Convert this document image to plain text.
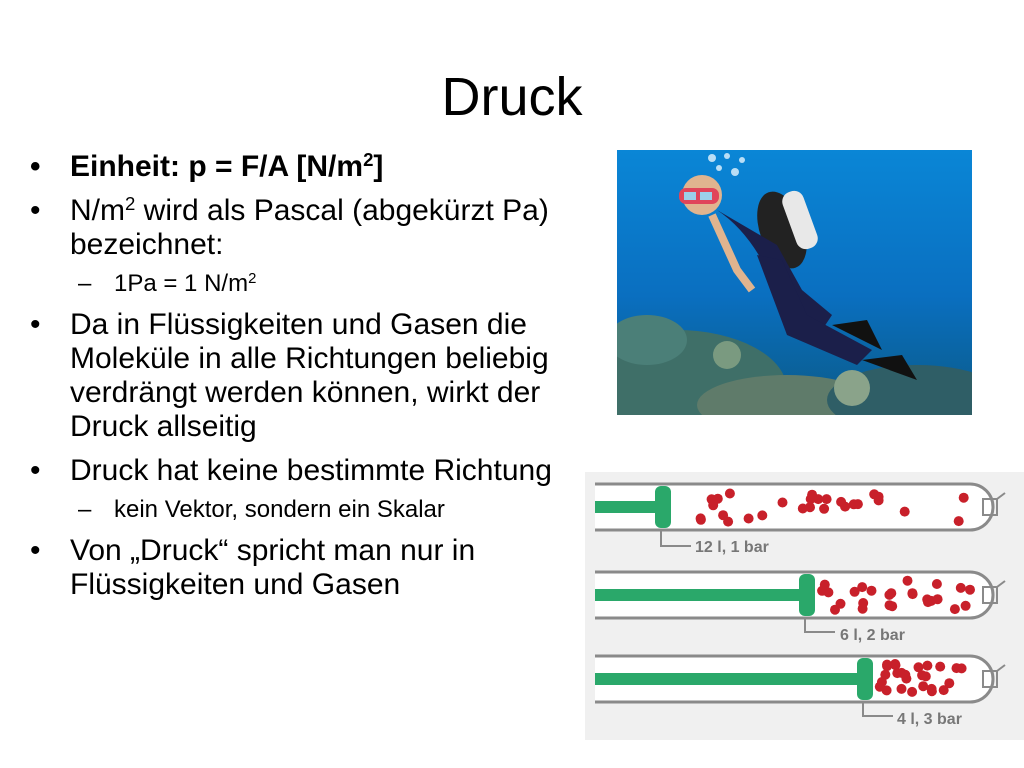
Druck
• Einheit: p = F/A $[N/m^2]$
• $N/m^2$ wird als Pascal (abgekürzt Pa) bezeichnet:
– 1Pa = 1 $N/m^2$
• Da in Flüssigkeiten und Gasen die Moleküle in alle Richtungen beliebig verdrängt werden können, wirkt der Druck allseitig
• Druck hat keine bestimmte Richtung
– kein Vektor, sondern ein Skalar
• Von „Druck“ spricht man nur in Flüssigkeiten und Gasen
12 l, 1 bar
6 l, 2 bar
4 l, 3 bar
